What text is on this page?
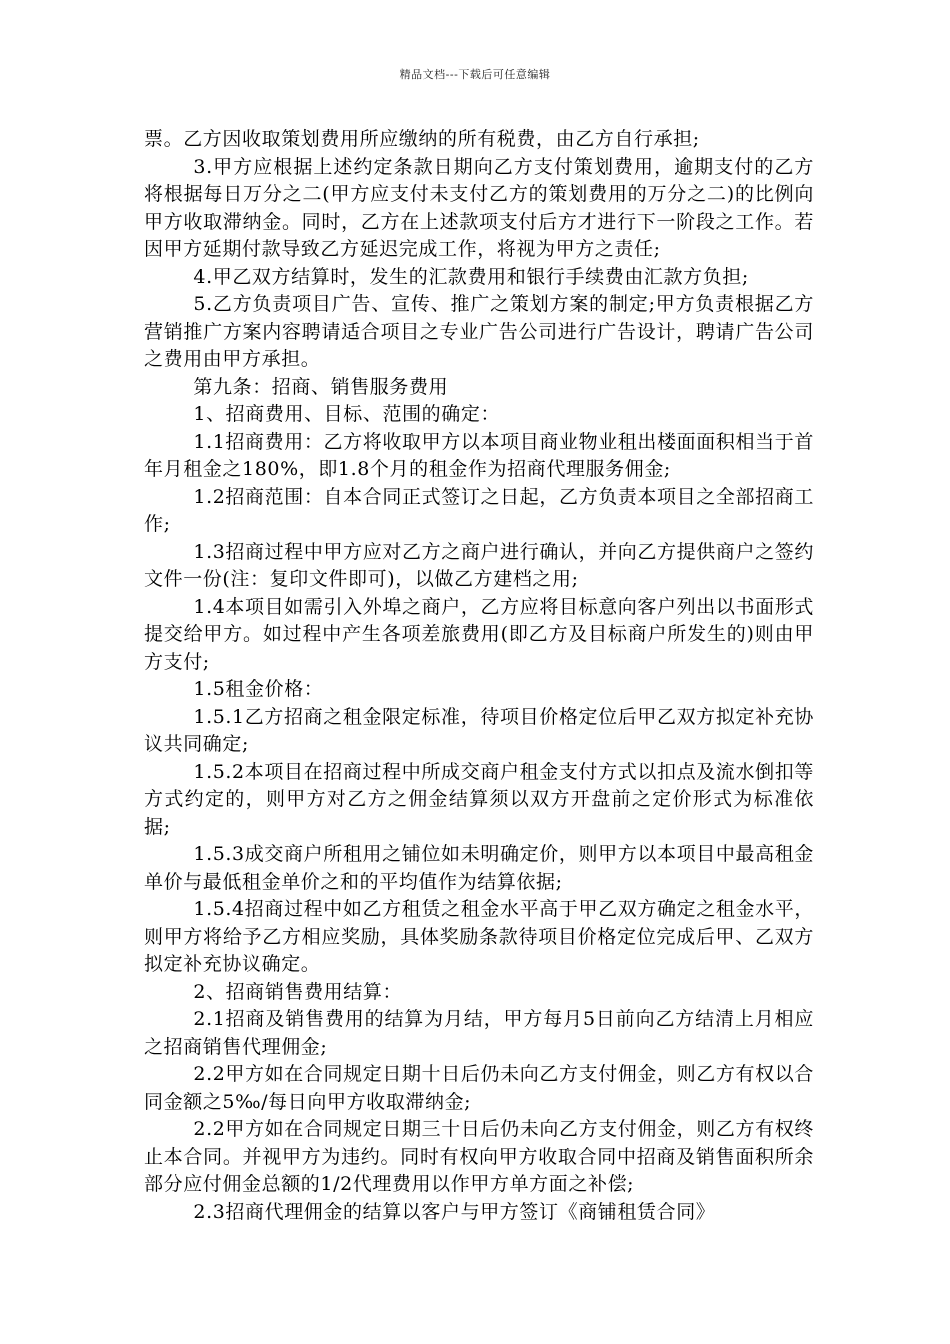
精品文档---下载后可任意编辑

票。乙方因收取策划费用所应缴纳的所有税费，由乙方自行承担;

3.甲方应根据上述约定条款日期向乙方支付策划费用，逾期支付的乙方将根据每日万分之二(甲方应支付未支付乙方的策划费用的万分之二)的比例向甲方收取滞纳金。同时，乙方在上述款项支付后方才进行下一阶段之工作。若因甲方延期付款导致乙方延迟完成工作，将视为甲方之责任;

4.甲乙双方结算时，发生的汇款费用和银行手续费由汇款方负担;

5.乙方负责项目广告、宣传、推广之策划方案的制定;甲方负责根据乙方营销推广方案内容聘请适合项目之专业广告公司进行广告设计，聘请广告公司之费用由甲方承担。

第九条：招商、销售服务费用

1、招商费用、目标、范围的确定：

1.1招商费用：乙方将收取甲方以本项目商业物业租出楼面面积相当于首年月租金之180%，即1.8个月的租金作为招商代理服务佣金;

1.2招商范围：自本合同正式签订之日起，乙方负责本项目之全部招商工作;

1.3招商过程中甲方应对乙方之商户进行确认，并向乙方提供商户之签约文件一份(注：复印文件即可)，以做乙方建档之用;

1.4本项目如需引入外埠之商户，乙方应将目标意向客户列出以书面形式提交给甲方。如过程中产生各项差旅费用(即乙方及目标商户所发生的)则由甲方支付;

1.5租金价格：

1.5.1乙方招商之租金限定标准，待项目价格定位后甲乙双方拟定补充协议共同确定;

1.5.2本项目在招商过程中所成交商户租金支付方式以扣点及流水倒扣等方式约定的，则甲方对乙方之佣金结算须以双方开盘前之定价形式为标准依据;

1.5.3成交商户所租用之铺位如未明确定价，则甲方以本项目中最高租金单价与最低租金单价之和的平均值作为结算依据;

1.5.4招商过程中如乙方租赁之租金水平高于甲乙双方确定之租金水平，则甲方将给予乙方相应奖励，具体奖励条款待项目价格定位完成后甲、乙双方拟定补充协议确定。

2、招商销售费用结算：

2.1招商及销售费用的结算为月结，甲方每月5日前向乙方结清上月相应之招商销售代理佣金;

2.2甲方如在合同规定日期十日后仍未向乙方支付佣金，则乙方有权以合同金额之5‰/每日向甲方收取滞纳金;

2.2甲方如在合同规定日期三十日后仍未向乙方支付佣金，则乙方有权终止本合同。并视甲方为违约。同时有权向甲方收取合同中招商及销售面积所余部分应付佣金总额的1/2代理费用以作甲方单方面之补偿;

2.3招商代理佣金的结算以客户与甲方签订《商铺租赁合同》
